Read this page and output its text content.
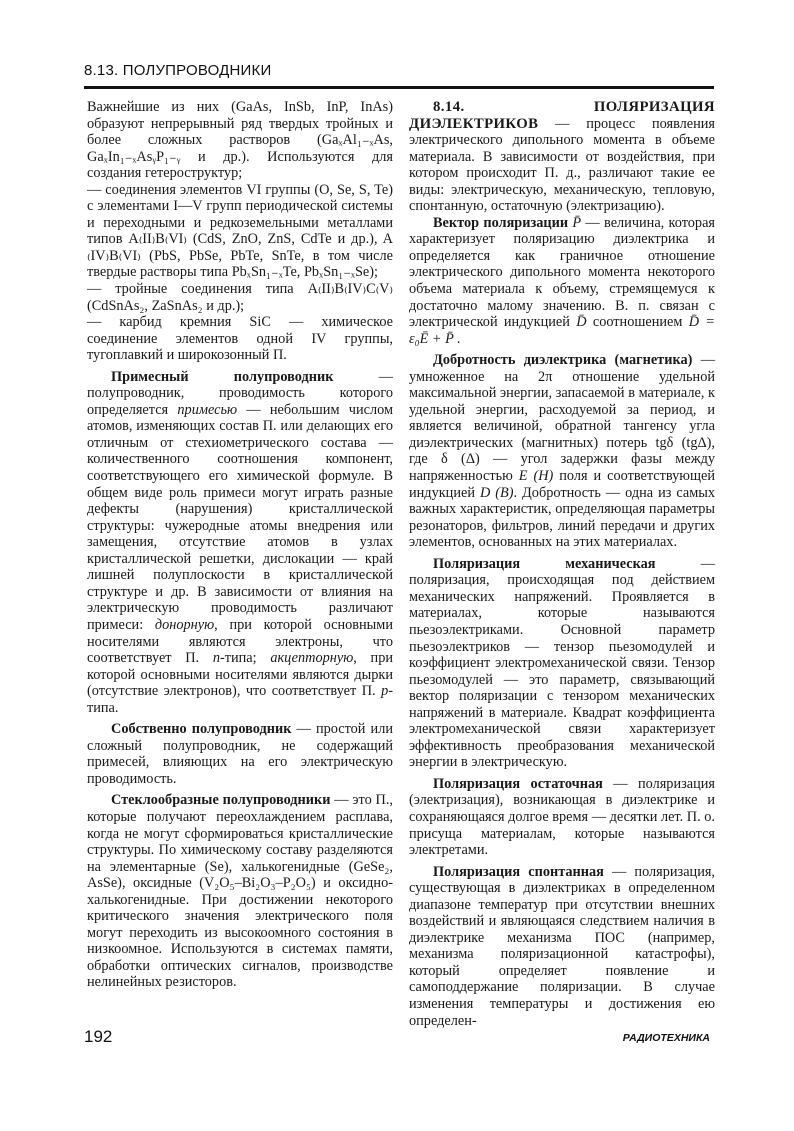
8.13. ПОЛУПРОВОДНИКИ

Важнейшие из них (GaAs, InSb, InP, InAs) образуют непрерывный ряд твердых тройных и более сложных растворов (GaₓAl₁₋ₓAs, GaₓIn₁₋ₓAsᵧP₁₋ᵧ и др.). Используются для создания гетероструктур;

— соединения элементов VI группы (O, Se, S, Te) с элементами I—V групп периодической системы и переходными и редкоземельными металлами типов A₍II₎B₍VI₎ (CdS, ZnO, ZnS, CdTe и др.), A ₍IV₎B₍VI₎ (PbS, PbSe, PbTe, SnTe, в том числе твердые растворы типа PbₓSn₁₋ₓTe, PbₓSn₁₋ₓSe);

— тройные соединения типа A₍II₎B₍IV₎C₍V₎ (CdSnAs₂, ZaSnAs₂ и др.);

— карбид кремния SiC — химическое соединение элементов одной IV группы, тугоплавкий и широкозонный П.

Примесный полупроводник — полупроводник, проводимость которого определяется примесью — небольшим числом атомов, изменяющих состав П. или делающих его отличным от стехиометрического состава — количественного соотношения компонент, соответствующего его химической формуле. В общем виде роль примеси могут играть разные дефекты (нарушения) кристаллической структуры: чужеродные атомы внедрения или замещения, отсутствие атомов в узлах кристаллической решетки, дислокации — край лишней полуплоскости в кристаллической структуре и др. В зависимости от влияния на электрическую проводимость различают примеси: донорную, при которой основными носителями являются электроны, что соответствует П. n-типа; акцепторную, при которой основными носителями являются дырки (отсутствие электронов), что соответствует П. p-типа.

Собственно полупроводник — простой или сложный полупроводник, не содержащий примесей, влияющих на его электрическую проводимость.

Стеклообразные полупроводники — это П., которые получают переохлаждением расплава, когда не могут сформироваться кристаллические структуры. По химическому составу разделяются на элементарные (Se), халькогенидные (GeSe₂, AsSe), оксидные (V₂O₅–Bi₂O₃–P₂O₅) и оксидно-халькогенидные. При достижении некоторого критического значения электрического поля могут переходить из высокоомного состояния в низкоомное. Используются в системах памяти, обработки оптических сигналов, производстве нелинейных резисторов.

8.14. ПОЛЯРИЗАЦИЯ ДИЭЛЕКТРИКОВ — процесс появления электрического дипольного момента в объеме материала. В зависимости от воздействия, при котором происходит П. д., различают такие ее виды: электрическую, механическую, тепловую, спонтанную, остаточную (электризацию).

Вектор поляризации P̄ — величина, которая характеризует поляризацию диэлектрика и определяется как граничное отношение электрического дипольного момента некоторого объема материала к объему, стремящемуся к достаточно малому значению. В. п. связан с электрической индукцией D̄ соотношением D̄ = ε₀Ē + P̄ .

Добротность диэлектрика (магнетика) — умноженное на 2π отношение удельной максимальной энергии, запасаемой в материале, к удельной энергии, расходуемой за период, и является величиной, обратной тангенсу угла диэлектрических (магнитных) потерь tgδ (tgΔ), где δ (Δ) — угол задержки фазы между напряженностью E (H) поля и соответствующей индукцией D (B). Добротность — одна из самых важных характеристик, определяющая параметры резонаторов, фильтров, линий передачи и других элементов, основанных на этих материалах.

Поляризация механическая — поляризация, происходящая под действием механических напряжений. Проявляется в материалах, которые называются пьезоэлектриками. Основной параметр пьезоэлектриков — тензор пьезомодулей и коэффициент электромеханической связи. Тензор пьезомодулей — это параметр, связывающий вектор поляризации с тензором механических напряжений в материале. Квадрат коэффициента электромеханической связи характеризует эффективность преобразования механической энергии в электрическую.

Поляризация остаточная — поляризация (электризация), возникающая в диэлектрике и сохраняющаяся долгое время — десятки лет. П. о. присуща материалам, которые называются электретами.

Поляризация спонтанная — поляризация, существующая в диэлектриках в определенном диапазоне температур при отсутствии внешних воздействий и являющаяся следствием наличия в диэлектрике механизма ПОС (например, механизма поляризационной катастрофы), который определяет появление и самоподдержание поляризации. В случае изменения температуры и достижения ею определен-

192	РАДИОТЕХНИКА
